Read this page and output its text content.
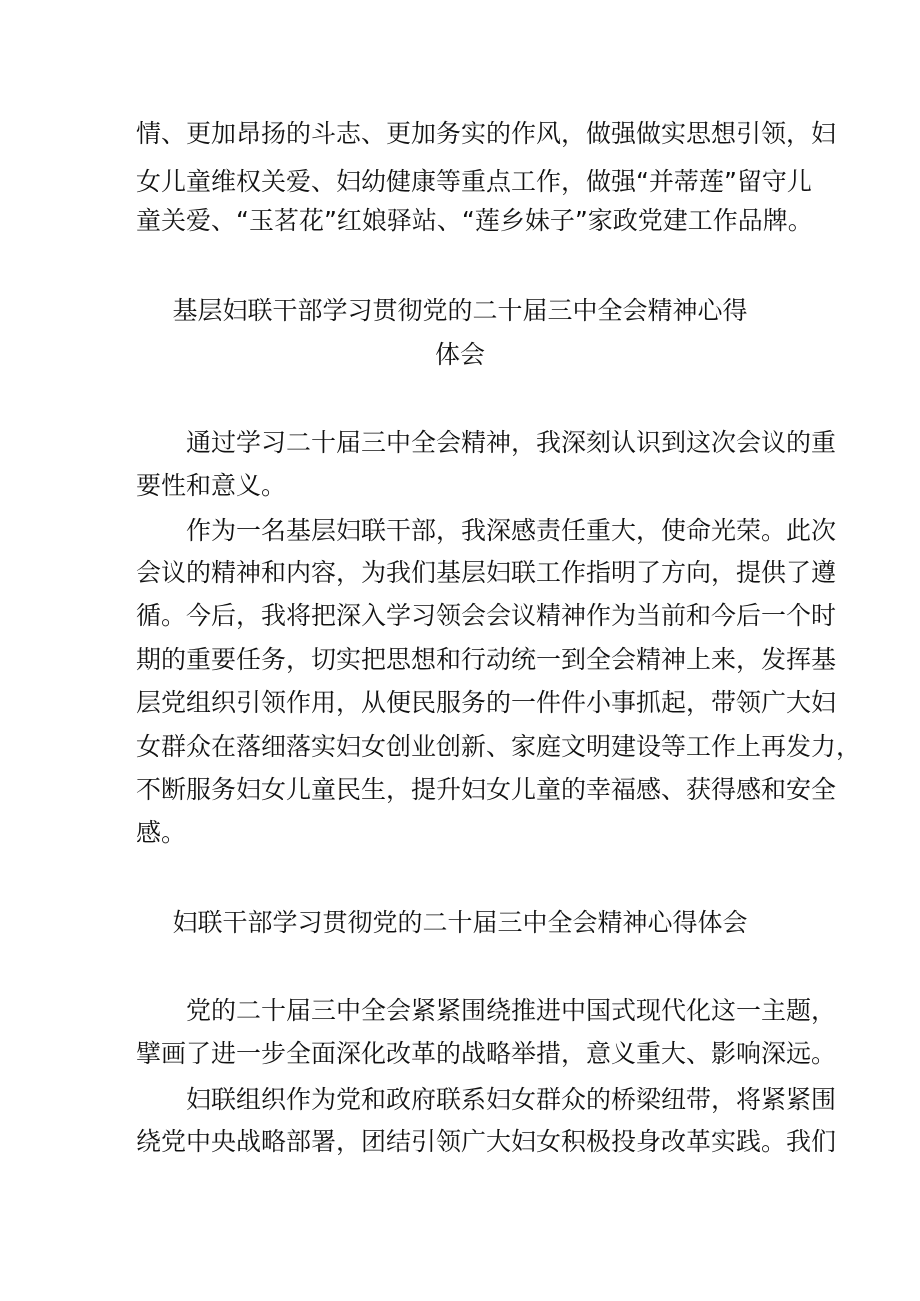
情、更加昂扬的斗志、更加务实的作风，做强做实思想引领，妇
女儿童维权关爱、妇幼健康等重点工作，做强“并蒂莲”留守儿
童关爱、“玉茗花”红娘驿站、“莲乡妹子”家政党建工作品牌。
基层妇联干部学习贯彻党的二十届三中全会精神心得
体会
通过学习二十届三中全会精神，我深刻认识到这次会议的重
要性和意义。
作为一名基层妇联干部，我深感责任重大，使命光荣。此次
会议的精神和内容，为我们基层妇联工作指明了方向，提供了遵
循。今后，我将把深入学习领会会议精神作为当前和今后一个时
期的重要任务，切实把思想和行动统一到全会精神上来，发挥基
层党组织引领作用，从便民服务的一件件小事抓起，带领广大妇
女群众在落细落实妇女创业创新、家庭文明建设等工作上再发力，
不断服务妇女儿童民生，提升妇女儿童的幸福感、获得感和安全
感。
妇联干部学习贯彻党的二十届三中全会精神心得体会
党的二十届三中全会紧紧围绕推进中国式现代化这一主题，
擘画了进一步全面深化改革的战略举措，意义重大、影响深远。
妇联组织作为党和政府联系妇女群众的桥梁纽带，将紧紧围
绕党中央战略部署，团结引领广大妇女积极投身改革实践。我们
